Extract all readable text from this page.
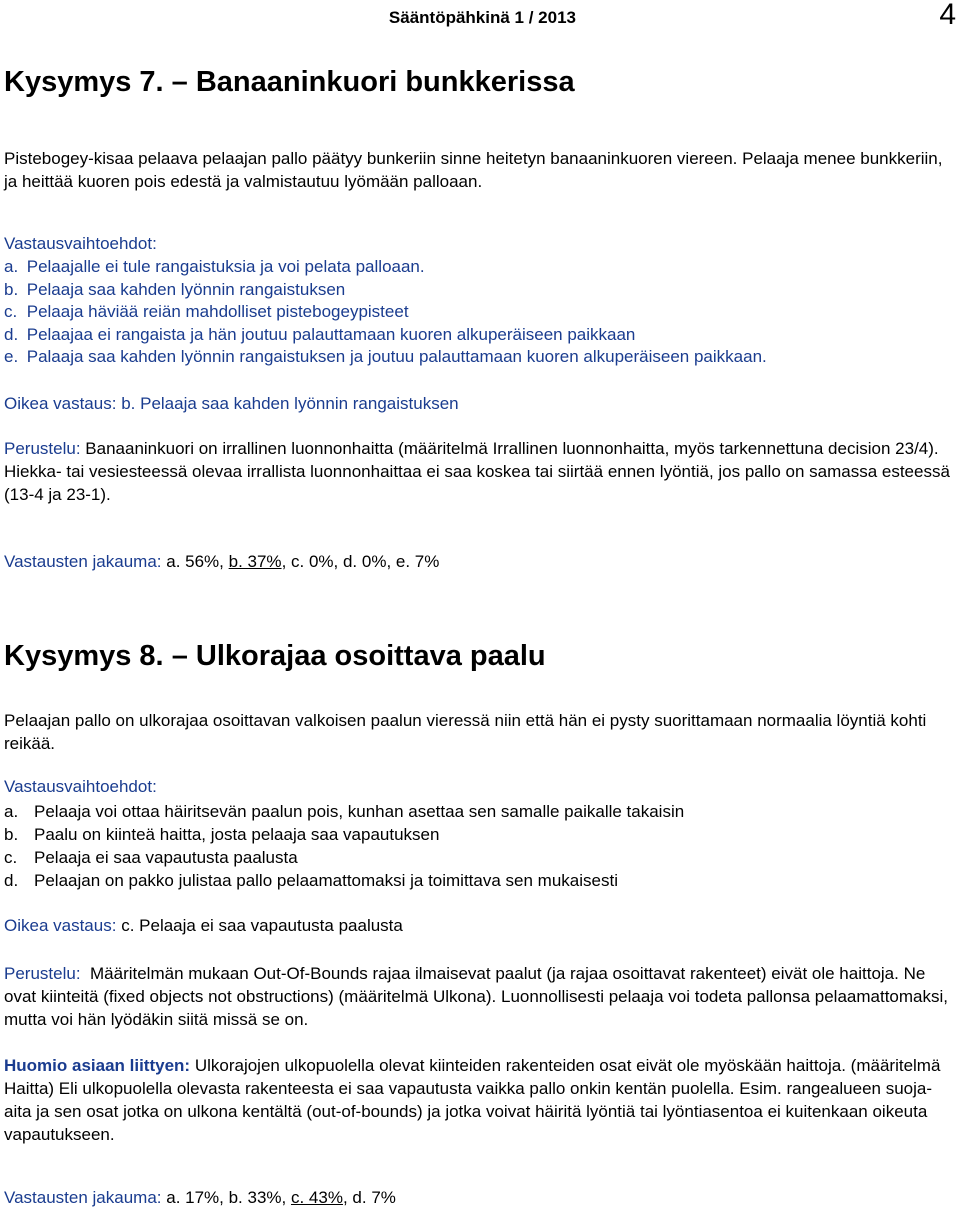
Sääntöpähkinä 1 / 2013	4
Kysymys 7. – Banaaninkuori bunkkerissa
Pistebogey-kisaa pelaava pelaajan pallo päätyy bunkeriin sinne heitetyn banaaninkuoren viereen. Pelaaja menee bunkkeriin, ja heittää kuoren pois edestä ja valmistautuu lyömään palloaan.
Vastausvaihtoehdot:
a. Pelaajalle ei tule rangaistuksia ja voi pelata palloaan.
b. Pelaaja saa kahden lyönnin rangaistuksen
c. Pelaaja häviää reiän mahdolliset pistebogeypisteet
d. Pelaajaa ei rangaista ja hän joutuu palauttamaan kuoren alkuperäiseen paikkaan
e. Palaaja saa kahden lyönnin rangaistuksen ja joutuu palauttamaan kuoren alkuperäiseen paikkaan.
Oikea vastaus: b. Pelaaja saa kahden lyönnin rangaistuksen
Perustelu: Banaaninkuori on irrallinen luonnonhaitta (määritelmä Irrallinen luonnonhaitta, myös tarkennettuna decision 23/4). Hiekka- tai vesiesteessä olevaa irrallista luonnonhaittaa ei saa koskea tai siirtää ennen lyöntiä, jos pallo on samassa esteessä (13-4 ja 23-1).
Vastausten jakauma: a. 56%, b. 37%, c. 0%, d. 0%, e. 7%
Kysymys 8. – Ulkorajaa osoittava paalu
Pelaajan pallo on ulkorajaa osoittavan valkoisen paalun vieressä niin että hän ei pysty suorittamaan normaalia löyntiä kohti reikää.
Vastausvaihtoehdot:
a. Pelaaja voi ottaa häiritsevän paalun pois, kunhan asettaa sen samalle paikalle takaisin
b. Paalu on kiinteä haitta, josta pelaaja saa vapautuksen
c. Pelaaja ei saa vapautusta paalusta
d. Pelaajan on pakko julistaa pallo pelaamattomaksi ja toimittava sen mukaisesti
Oikea vastaus: c. Pelaaja ei saa vapautusta paalusta
Perustelu: Määritelmän mukaan Out-Of-Bounds rajaa ilmaisevat paalut (ja rajaa osoittavat rakenteet) eivät ole haittoja. Ne ovat kiinteitä (fixed objects not obstructions) (määritelmä Ulkona). Luonnollisesti pelaaja voi todeta pallonsa pelaamattomaksi, mutta voi hän lyödäkin siitä missä se on.
Huomio asiaan liittyen: Ulkorajojen ulkopuolella olevat kiinteiden rakenteiden osat eivät ole myöskään haittoja. (määritelmä Haitta) Eli ulkopuolella olevasta rakenteesta ei saa vapautusta vaikka pallo onkin kentän puolella. Esim. rangealueen suoja-aita ja sen osat jotka on ulkona kentältä (out-of-bounds) ja jotka voivat häiritä lyöntiä tai lyöntiasentoa ei kuitenkaan oikeuta vapautukseen.
Vastausten jakauma: a. 17%, b. 33%, c. 43%, d. 7%
